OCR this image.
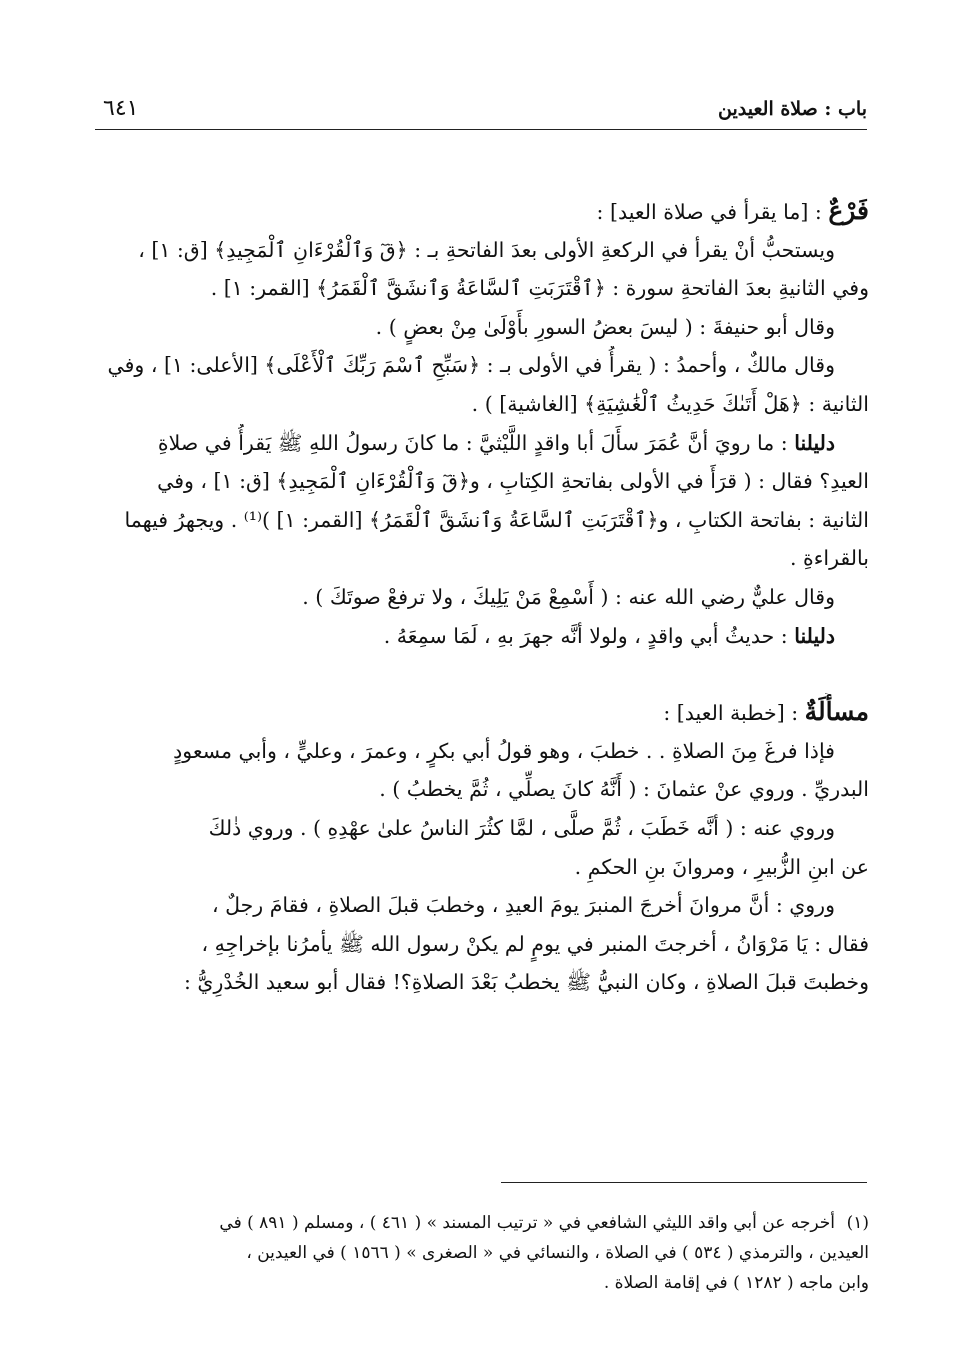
باب : صلاة العيدين
٦٤١
فَرْعٌ : [ما يقرأ في صلاة العيد] :
ويستحبُّ أنْ يقرأ في الركعةِ الأولى بعدَ الفاتحةِ بـ : ﴿قٓ وَٱلْقُرْءَانِ ٱلْمَجِيدِ﴾ [ق: ١] ،
وفي الثانيةِ بعدَ الفاتحةِ سورة : ﴿ٱقْتَرَبَتِ ٱلسَّاعَةُ وَٱنشَقَّ ٱلْقَمَرُ﴾ [القمر: ١] .
وقال أبو حنيفةَ : ( ليسَ بعضُ السورِ بأَوْلَىٰ مِنْ بعضٍ ) .
وقال مالكٌ ، وأحمدُ : ( يقرأُ في الأولى بـ : ﴿سَبِّحِ ٱسْمَ رَبِّكَ ٱلْأَعْلَى﴾ [الأعلى: ١] ، وفي
الثانية : ﴿هَلْ أَتَىٰكَ حَدِيثُ ٱلْغَٰشِيَةِ﴾ [الغاشية] ) .
دليلنا : ما رويَ أنَّ عُمَرَ سأَلَ أبا واقدٍ اللَّيْثيَّ : ما كانَ رسولُ اللهِ ﷺ يَقرأُ في صلاةِ
العيدِ؟ فقال : ( قرَأَ في الأولى بفاتحةِ الكِتابِ ، و﴿قٓ وَٱلْقُرْءَانِ ٱلْمَجِيدِ﴾ [ق: ١] ، وفي
الثانية : بفاتحة الكتابِ ، و﴿ٱقْتَرَبَتِ ٱلسَّاعَةُ وَٱنشَقَّ ٱلْقَمَرُ﴾ [القمر: ١] )⁽¹⁾ . ويجهرُ فيهما
بالقراءةِ .
وقال عليٌّ رضي الله عنه : ( أَسْمِعْ مَنْ يَلِيكَ ، ولا ترفعْ صوتَكَ ) .
دليلنا : حديثُ أبي واقدٍ ، ولولا أنَّه جهرَ بهِ ، لَمَا سمِعَهُ .
مسأَلَةٌ : [خطبة العيد] :
فإذا فرغَ مِنَ الصلاةِ . . خطبَ ، وهو قولُ أبي بكرٍ ، وعمرَ ، وعليٍّ ، وأبي مسعودٍ
البدريِّ . وروي عنْ عثمانَ : ( أَنَّهُ كانَ يصلِّي ، ثُمَّ يخطبُ ) .
وروي عنه : ( أنَّه خَطَبَ ، ثُمَّ صلَّى ، لمَّا كثُرَ الناسُ علىٰ عهْدِهِ ) . وروي ذٰلكَ
عن ابنِ الزُّبيرِ ، ومروانَ بنِ الحكمِ .
وروي : أنَّ مروانَ أخرجَ المنبرَ يومَ العيدِ ، وخطبَ قبلَ الصلاةِ ، فقامَ رجلٌ ،
فقال : يَا مَرْوَانُ ، أخرجتَ المنبر في يومٍ لم يكنْ رسول الله ﷺ يأمرُنا بإخراجِهِ ،
وخطبتَ قبلَ الصلاةِ ، وكان النبيُّ ﷺ يخطبُ بَعْدَ الصلاةِ؟! فقال أبو سعيد الخُدْرِيُّ :
(١)أخرجه عن أبي واقد الليثي الشافعي في « ترتيب المسند » ( ٤٦١ ) ، ومسلم ( ٨٩١ ) في
العيدين ، والترمذي ( ٥٣٤ ) في الصلاة ، والنسائي في « الصغرى » ( ١٥٦٦ ) في العيدين ،
وابن ماجه ( ١٢٨٢ ) في إقامة الصلاة .
